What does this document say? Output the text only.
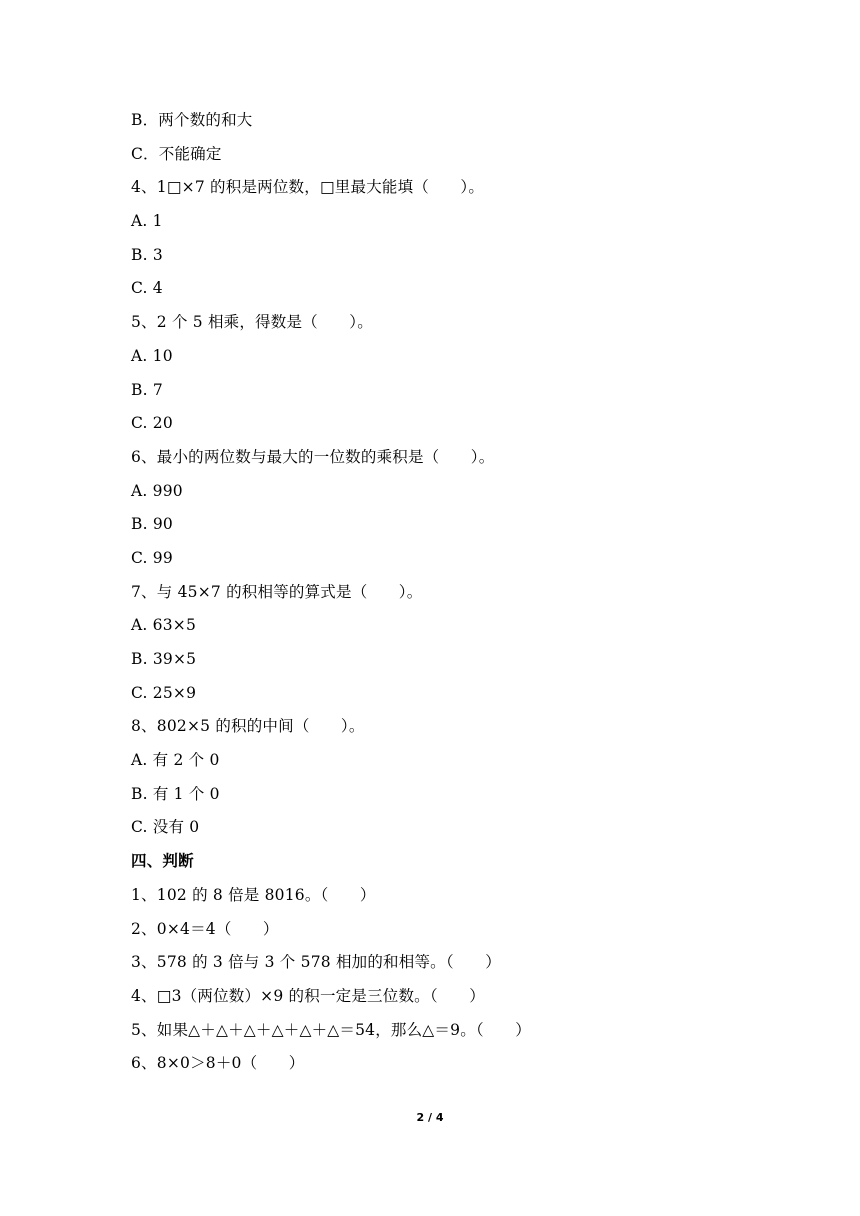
B．两个数的和大
C．不能确定
4、1□×7 的积是两位数，□里最大能填（　　）。
A. 1
B. 3
C. 4
5、2 个 5 相乘，得数是（　　）。
A. 10
B. 7
C. 20
6、最小的两位数与最大的一位数的乘积是（　　）。
A. 990
B. 90
C. 99
7、与 45×7 的积相等的算式是（　　）。
A. 63×5
B. 39×5
C. 25×9
8、802×5 的积的中间（　　）。
A. 有 2 个 0
B. 有 1 个 0
C. 没有 0
四、判断
1、102 的 8 倍是 8016。（　　）
2、0×4＝4（　　）
3、578 的 3 倍与 3 个 578 相加的和相等。（　　）
4、□3（两位数）×9 的积一定是三位数。（　　）
5、如果△＋△＋△＋△＋△＋△＝54，那么△＝9。（　　）
6、8×0＞8＋0（　　）
2 / 4
